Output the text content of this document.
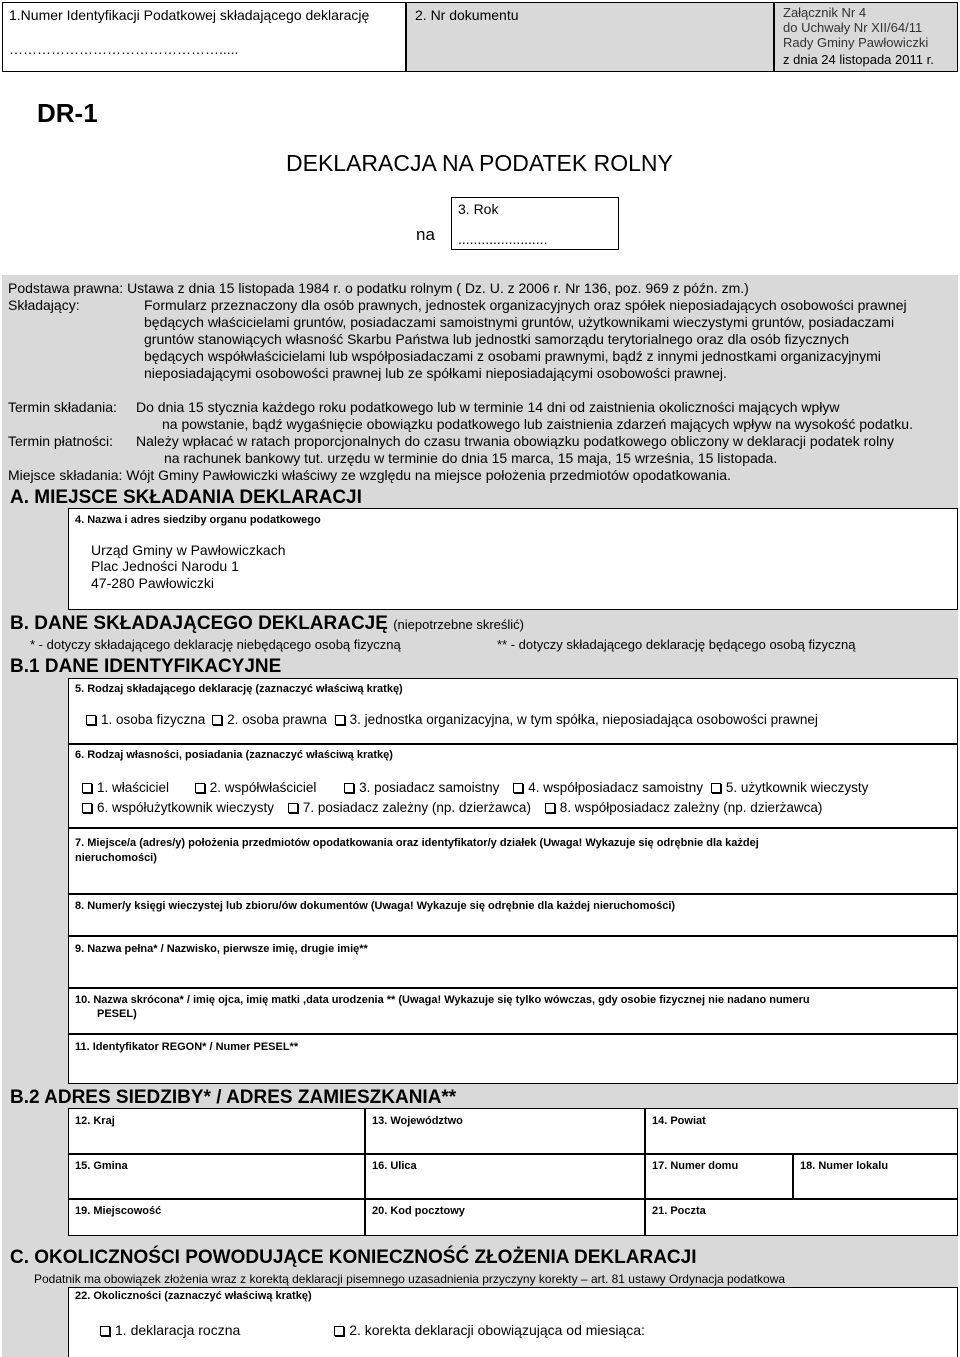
1.Numer Identyfikacji Podatkowej składającego deklarację
……………………………………….....
2. Nr dokumentu	Załącznik Nr 4
do Uchwały Nr XII/64/11
Rady Gminy Pawłowiczki
z dnia 24 listopada 2011 r.
DR-1
DEKLARACJA NA PODATEK ROLNY
na
3. Rok
.......................
Podstawa prawna: Ustawa z dnia 15 listopada 1984 r. o podatku rolnym ( Dz. U. z 2006 r. Nr 136, poz. 969 z późn. zm.)
Składający:	Formularz przeznaczony dla osób prawnych, jednostek organizacyjnych oraz spółek nieposiadających osobowości prawnej
będących właścicielami gruntów, posiadaczami samoistnymi gruntów, użytkownikami wieczystymi gruntów, posiadaczami
gruntów stanowiących własność Skarbu Państwa lub jednostki samorządu terytorialnego oraz dla osób fizycznych
będących współwłaścicielami lub współposiadaczami z osobami prawnymi, bądź z innymi jednostkami organizacyjnymi
nieposiadającymi osobowości prawnej lub ze spółkami nieposiadającymi osobowości prawnej.
Termin składania: Do dnia 15 stycznia każdego roku podatkowego lub w terminie 14 dni od zaistnienia okoliczności mających wpływ
na powstanie, bądź wygaśnięcie obowiązku podatkowego lub zaistnienia zdarzeń mających wpływ na wysokość podatku.
Termin płatności: Należy wpłacać w ratach proporcjonalnych do czasu trwania obowiązku podatkowego obliczony w deklaracji podatek rolny
na rachunek bankowy tut. urzędu w terminie do dnia 15 marca, 15 maja, 15 września, 15 listopada.
Miejsce składania: Wójt Gminy Pawłowiczki właściwy ze względu na miejsce położenia przedmiotów opodatkowania.
A. MIEJSCE SKŁADANIA DEKLARACJI
4. Nazwa i adres siedziby organu podatkowego
Urząd Gminy w Pawłowiczkach
Plac Jedności Narodu 1
47-280 Pawłowiczki
B. DANE SKŁADAJĄCEGO DEKLARACJĘ (niepotrzebne skreślić)
* - dotyczy składającego deklarację niebędącego osobą fizyczną	** - dotyczy składającego deklarację będącego osobą fizyczną
B.1 DANE IDENTYFIKACYJNE
5. Rodzaj składającego deklarację (zaznaczyć właściwą kratkę)
1. osoba fizyczna 2. osoba prawna 3. jednostka organizacyjna, w tym spółka, nieposiadająca osobowości prawnej
6. Rodzaj własności, posiadania (zaznaczyć właściwą kratkę)
1. właściciel	2. współwłaściciel	3. posiadacz samoistny 4. współposiadacz samoistny 5. użytkownik wieczysty
6. współużytkownik wieczysty 7. posiadacz zależny (np. dzierżawca) 8. współposiadacz zależny (np. dzierżawca)
7. Miejsce/a (adres/y) położenia przedmiotów opodatkowania oraz identyfikator/y działek (Uwaga! Wykazuje się odrębnie dla każdej
nieruchomości)
8. Numer/y księgi wieczystej lub zbioru/ów dokumentów (Uwaga! Wykazuje się odrębnie dla każdej nieruchomości)
9. Nazwa pełna* / Nazwisko, pierwsze imię, drugie imię**
10. Nazwa skrócona* / imię ojca, imię matki ,data urodzenia ** (Uwaga! Wykazuje się tylko wówczas, gdy osobie fizycznej nie nadano numeru
PESEL)
11. Identyfikator REGON* / Numer PESEL**
B.2 ADRES SIEDZIBY* / ADRES ZAMIESZKANIA**
12. Kraj	13. Województwo	14. Powiat
15. Gmina	16. Ulica	17. Numer domu	18. Numer lokalu
19. Miejscowość	20. Kod pocztowy	21. Poczta
C. OKOLICZNOŚCI POWODUJĄCE KONIECZNOŚĆ ZŁOŻENIA DEKLARACJI
Podatnik ma obowiązek złożenia wraz z korektą deklaracji pisemnego uzasadnienia przyczyny korekty – art. 81 ustawy Ordynacja podatkowa
22. Okoliczności (zaznaczyć właściwą kratkę)
1. deklaracja roczna	2. korekta deklaracji obowiązująca od miesiąca:
